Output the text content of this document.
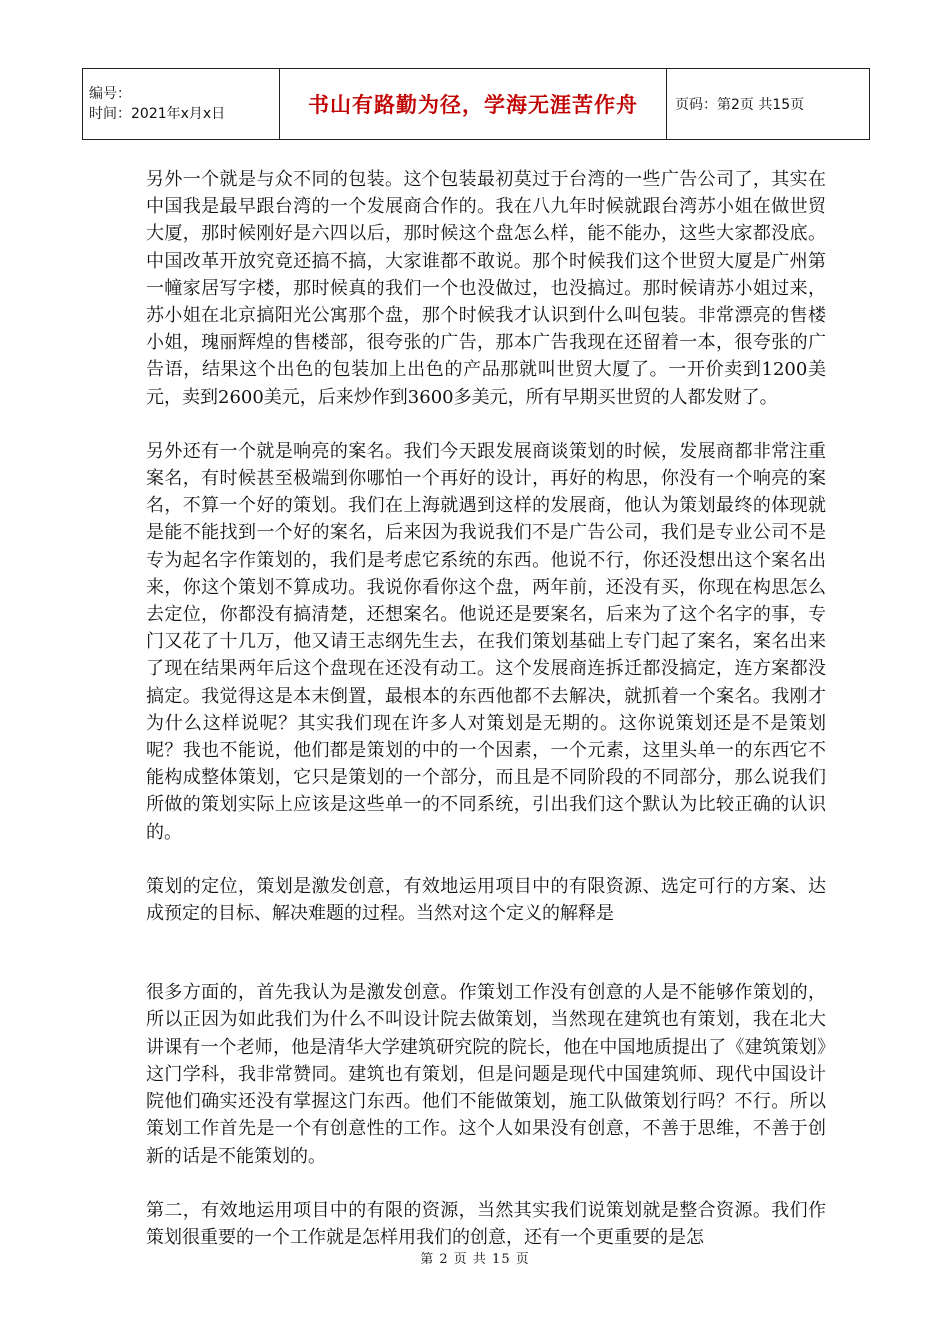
编号：
时间：2021年x月x日	书山有路勤为径，学海无涯苦作舟	页码：第2页 共15页

另外一个就是与众不同的包装。这个包装最初莫过于台湾的一些广告公司了，其实在中国我是最早跟台湾的一个发展商合作的。我在八九年时候就跟台湾苏小姐在做世贸大厦，那时候刚好是六四以后，那时候这个盘怎么样，能不能办，这些大家都没底。中国改革开放究竟还搞不搞，大家谁都不敢说。那个时候我们这个世贸大厦是广州第一幢家居写字楼，那时候真的我们一个也没做过，也没搞过。那时候请苏小姐过来，苏小姐在北京搞阳光公寓那个盘，那个时候我才认识到什么叫包装。非常漂亮的售楼小姐，瑰丽辉煌的售楼部，很夸张的广告，那本广告我现在还留着一本，很夸张的广告语，结果这个出色的包装加上出色的产品那就叫世贸大厦了。一开价卖到1200美元，卖到2600美元，后来炒作到3600多美元，所有早期买世贸的人都发财了。

另外还有一个就是响亮的案名。我们今天跟发展商谈策划的时候，发展商都非常注重案名，有时候甚至极端到你哪怕一个再好的设计，再好的构思，你没有一个响亮的案名，不算一个好的策划。我们在上海就遇到这样的发展商，他认为策划最终的体现就是能不能找到一个好的案名，后来因为我说我们不是广告公司，我们是专业公司不是专为起名字作策划的，我们是考虑它系统的东西。他说不行，你还没想出这个案名出来，你这个策划不算成功。我说你看你这个盘，两年前，还没有买，你现在构思怎么去定位，你都没有搞清楚，还想案名。他说还是要案名，后来为了这个名字的事，专门又花了十几万，他又请王志纲先生去，在我们策划基础上专门起了案名，案名出来了现在结果两年后这个盘现在还没有动工。这个发展商连拆迁都没搞定，连方案都没搞定。我觉得这是本末倒置，最根本的东西他都不去解决，就抓着一个案名。我刚才为什么这样说呢？其实我们现在许多人对策划是无期的。这你说策划还是不是策划呢？我也不能说，他们都是策划的中的一个因素，一个元素，这里头单一的东西它不能构成整体策划，它只是策划的一个部分，而且是不同阶段的不同部分，那么说我们所做的策划实际上应该是这些单一的不同系统，引出我们这个默认为比较正确的认识的。

策划的定位，策划是激发创意，有效地运用项目中的有限资源、选定可行的方案、达成预定的目标、解决难题的过程。当然对这个定义的解释是

很多方面的，首先我认为是激发创意。作策划工作没有创意的人是不能够作策划的，所以正因为如此我们为什么不叫设计院去做策划，当然现在建筑也有策划，我在北大讲课有一个老师，他是清华大学建筑研究院的院长，他在中国地质提出了《建筑策划》这门学科，我非常赞同。建筑也有策划，但是问题是现代中国建筑师、现代中国设计院他们确实还没有掌握这门东西。他们不能做策划，施工队做策划行吗？不行。所以策划工作首先是一个有创意性的工作。这个人如果没有创意，不善于思维，不善于创新的话是不能策划的。

第二，有效地运用项目中的有限的资源，当然其实我们说策划就是整合资源。我们作策划很重要的一个工作就是怎样用我们的创意，还有一个更重要的是怎

第 2 页 共 15 页
